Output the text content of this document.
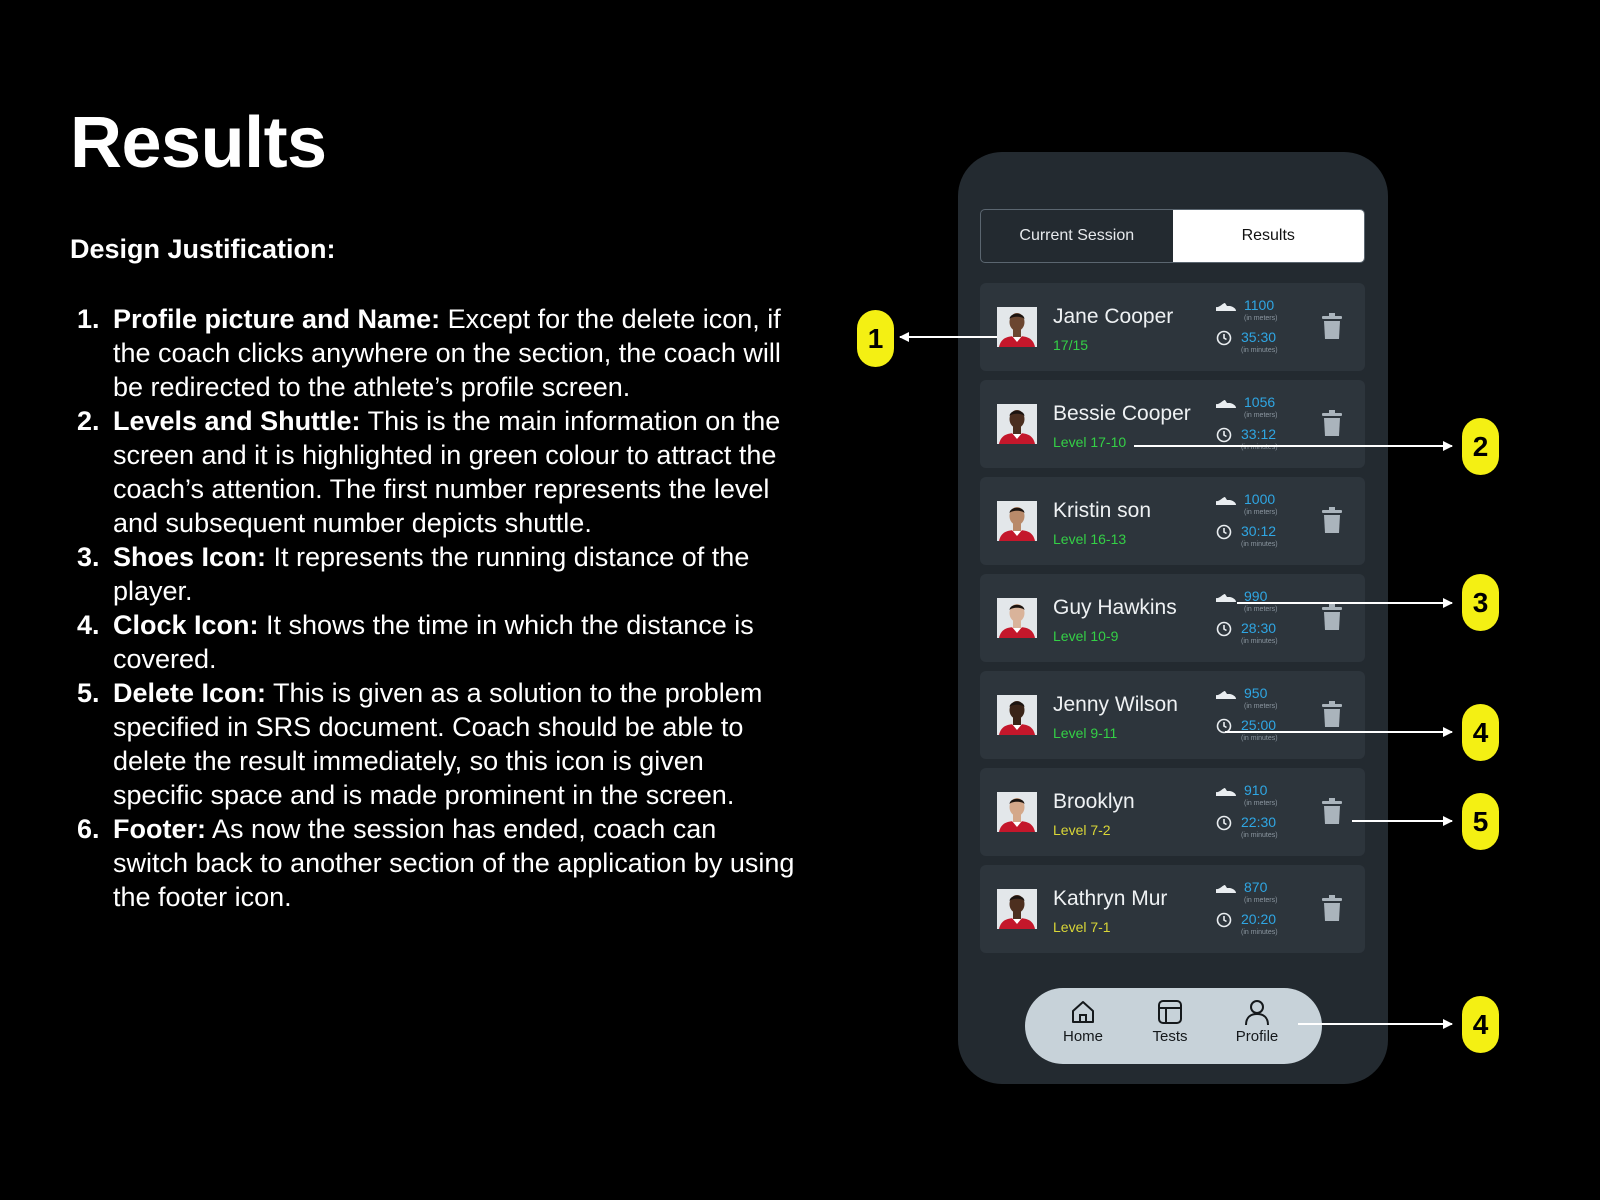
Results
Design Justification:
1. Profile picture and Name: Except for the delete icon, if the coach clicks anywhere on the section, the coach will be redirected to the athlete’s profile screen.
2. Levels and Shuttle: This is the main information on the screen and it is highlighted in green colour to attract the coach’s attention. The first number represents the level and subsequent number depicts shuttle.
3. Shoes Icon: It represents the running distance of the player.
4. Clock Icon: It shows the time in which the distance is covered.
5. Delete Icon: This is given as a solution to the problem specified in SRS document. Coach should be able to delete the result immediately, so this icon is given specific space and is made prominent in the screen.
6. Footer: As now the session has ended, coach can switch back to another section of the application by using the footer icon.
Current Session	Results
Jane Cooper
17/15
1100
(in meters)
35:30
(in minutes)
Bessie Cooper
Level 17-10
1056
(in meters)
33:12
(in minutes)
Kristin son
Level 16-13
1000
(in meters)
30:12
(in minutes)
Guy Hawkins
Level 10-9
990
(in meters)
28:30
(in minutes)
Jenny Wilson
Level 9-11
950
(in meters)
25:00
(in minutes)
Brooklyn
Level 7-2
910
(in meters)
22:30
(in minutes)
Kathryn Mur
Level 7-1
870
(in meters)
20:20
(in minutes)
Home	Tests	Profile
1
2
3
4
5
4
